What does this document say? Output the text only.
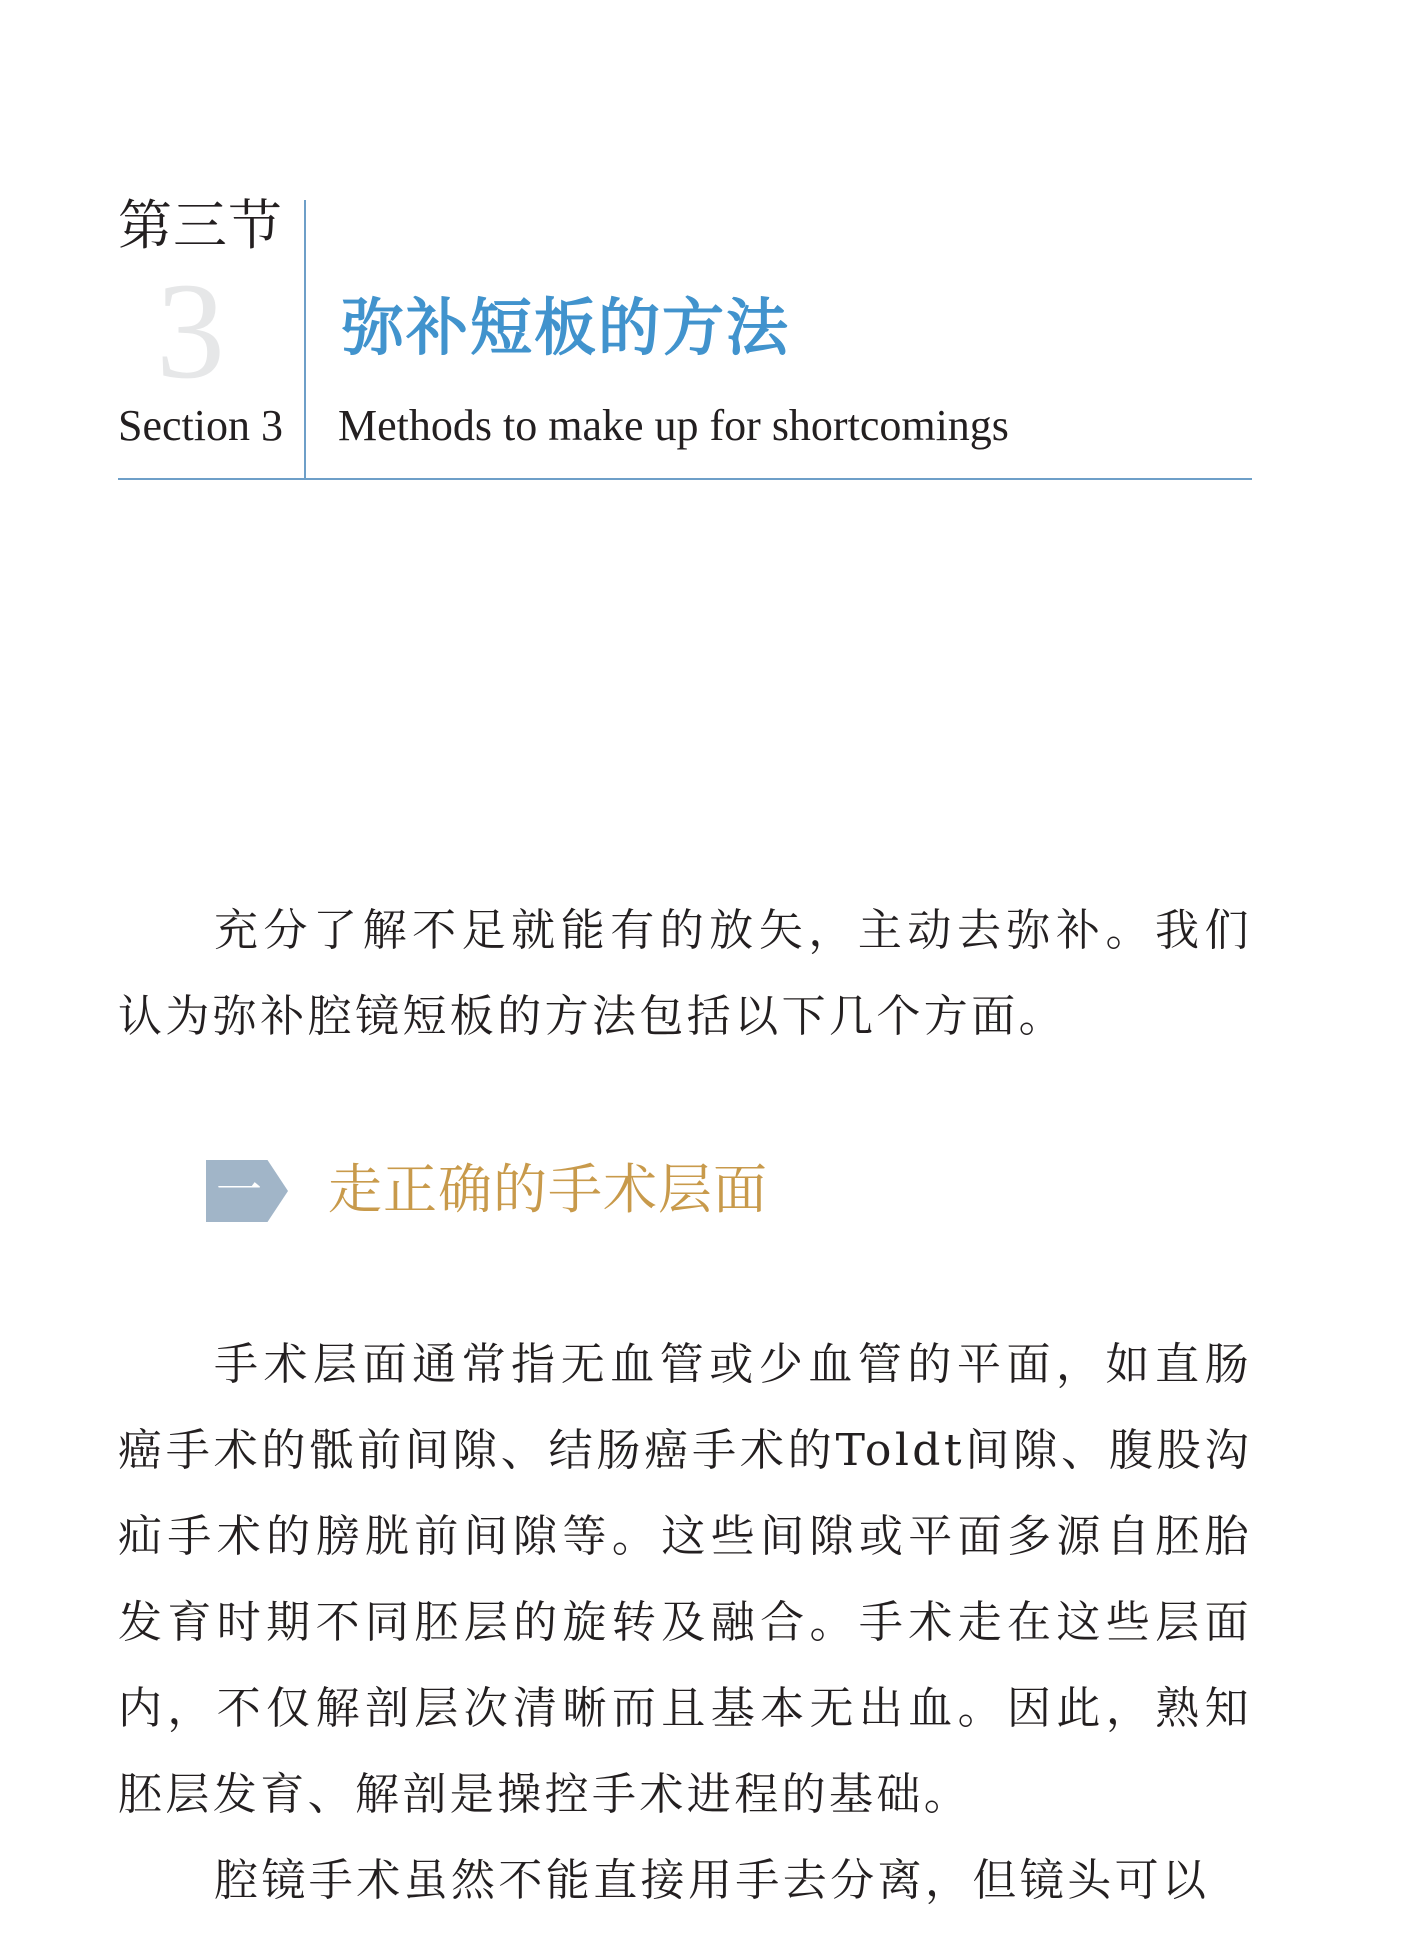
第三节
3
Section 3
弥补短板的方法
Methods to make up for shortcomings

充分了解不足就能有的放矢，主动去弥补。我们认为弥补腔镜短板的方法包括以下几个方面。

一 走正确的手术层面

手术层面通常指无血管或少血管的平面，如直肠癌手术的骶前间隙、结肠癌手术的Toldt间隙、腹股沟疝手术的膀胱前间隙等。这些间隙或平面多源自胚胎发育时期不同胚层的旋转及融合。手术走在这些层面内，不仅解剖层次清晰而且基本无出血。因此，熟知胚层发育、解剖是操控手术进程的基础。

腔镜手术虽然不能直接用手去分离，但镜头可以
